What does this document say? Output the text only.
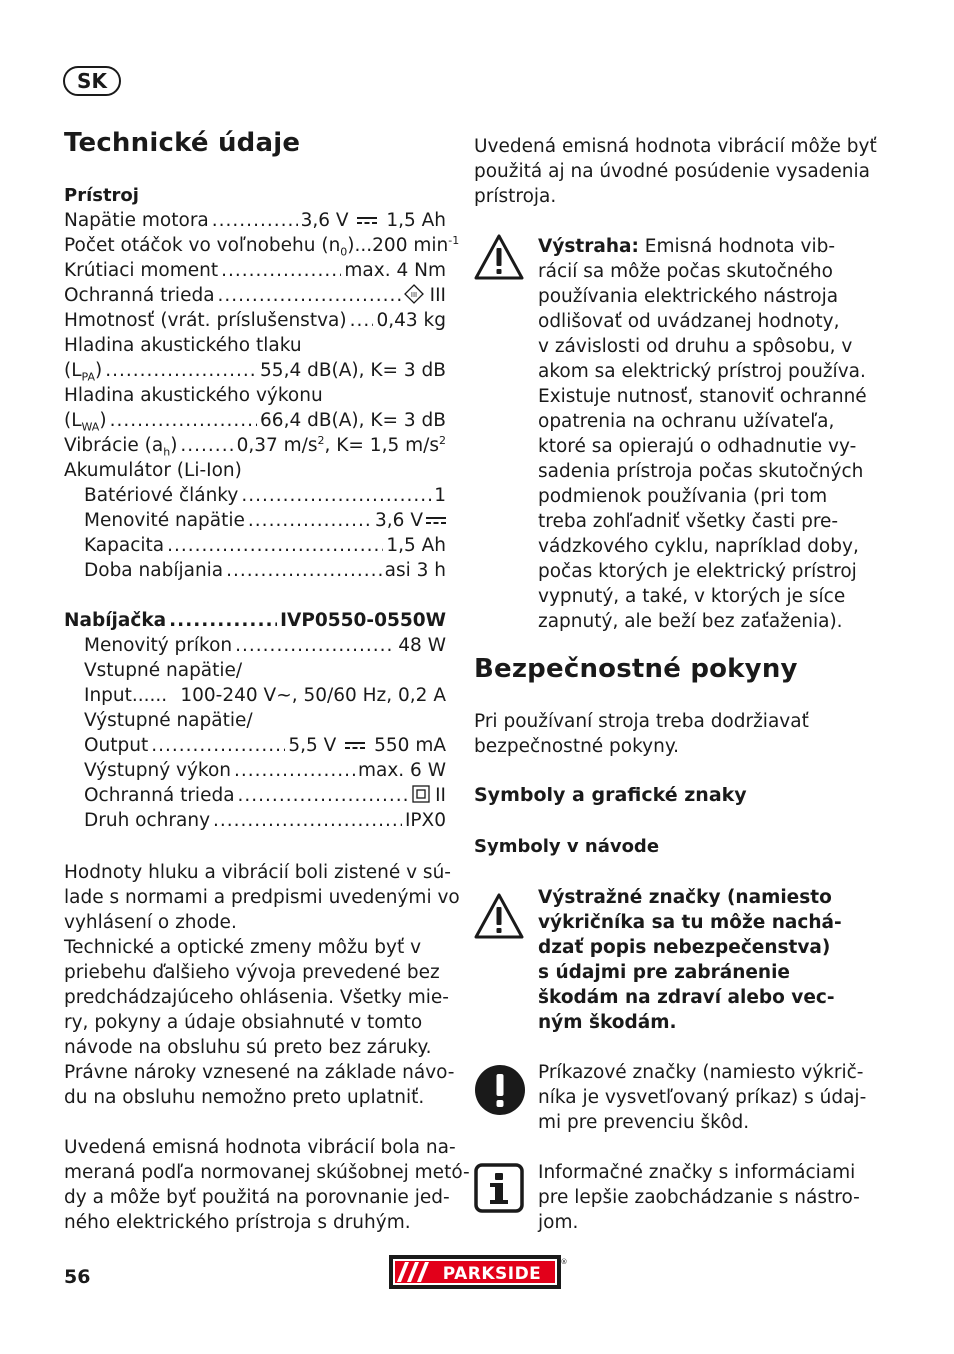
SK
Technické údaje
Prístroj
Napätie motora .....	3,6 V 1,5 Ah
Počet otáčok vo voľnobehu $(n_0)...200$ $\min^{-1}$
Krútiaci moment .....	max. 4 Nm
Ochranná trieda .....	III III
Hmotnosť (vrát. príslušenstva) ..... 0,43 kg
Hladina akustického tlaku
$(L_{PA})$ .....	55,4 dB(A), K= 3 dB
Hladina akustického výkonu
$(L_{WA})$ .....	66,4 dB(A), K= 3 dB
Vibrácie $(a_h)$ .....	0,37 $m/s^2$, K= 1,5 $m/s^2$
Akumulátor (Li-Ion)
Batériové články .....	1
Menovité napätie .....	3,6 V
Kapacita .....	1,5 Ah
Doba nabíjania .....	asi 3 h
Nabíjačka .....	IVP0550-0550W
Menovitý príkon .....	48 W
Vstupné napätie/
Input...... 100-240 V~, 50/60 Hz, 0,2 A
Výstupné napätie/
Output .....	5,5 V 550 mA
Výstupný výkon .....	max. 6 W
Ochranná trieda .....	II
Druh ochrany .....	IPX0
Hodnoty hluku a vibrácií boli zistené v sú-
lade s normami a predpismi uvedenými vo
vyhlásení o zhode.
Technické a optické zmeny môžu byť v
priebehu ďalšieho vývoja prevedené bez
predchádzajúceho ohlásenia. Všetky mie-
ry, pokyny a údaje obsiahnuté v tomto
návode na obsluhu sú preto bez záruky.
Právne nároky vznesené na základe návo-
du na obsluhu nemožno preto uplatniť.
Uvedená emisná hodnota vibrácií bola na-
meraná podľa normovanej skúšobnej metó-
dy a môže byť použitá na porovnanie jed-
ného elektrického prístroja s druhým.
Uvedená emisná hodnota vibrácií môže byť
použitá aj na úvodné posúdenie vysadenia
prístroja.
Výstraha: Emisná hodnota vib-
rácií sa môže počas skutočného
používania elektrického nástroja
odlišovať od uvádzanej hodnoty,
v závislosti od druhu a spôsobu, v
akom sa elektrický prístroj používa.
Existuje nutnosť, stanoviť ochranné
opatrenia na ochranu užívateľa,
ktoré sa opierajú o odhadnutie vy-
sadenia prístroja počas skutočných
podmienok používania (pri tom
treba zohľadniť všetky časti pre-
vádzkového cyklu, napríklad doby,
počas ktorých je elektrický prístroj
vypnutý, a také, v ktorých je síce
zapnutý, ale beží bez zaťaženia).
Bezpečnostné pokyny
Pri používaní stroja treba dodržiavať
bezpečnostné pokyny.
Symboly a grafické znaky
Symboly v návode
Výstražné značky (namiesto
výkričníka sa tu môže nachá-
dzať popis nebezpečenstva)
s údajmi pre zabránenie
škodám na zdraví alebo vec-
ným škodám.
Príkazové značky (namiesto výkrič-
níka je vysvetľovaný príkaz) s údaj-
mi pre prevenciu škôd.
Informačné značky s informáciami
pre lepšie zaobchádzanie s nástro-
jom.
56	PARKSIDE
®
